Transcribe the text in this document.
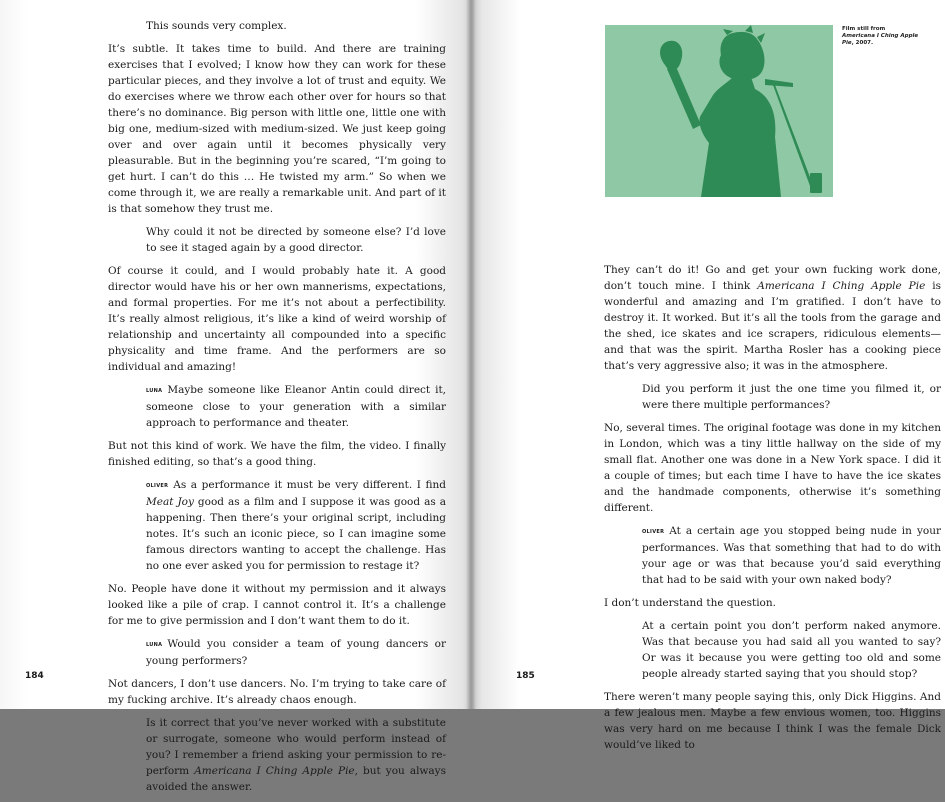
This sounds very complex.

It’s subtle. It takes time to build. And there are training exercises that I evolved; I know how they can work for these particular pieces, and they involve a lot of trust and equity. We do exercises where we throw each other over for hours so that there’s no dominance. Big person with little one, little one with big one, medium-sized with medium-sized. We just keep going over and over again until it becomes physically very pleasurable. But in the beginning you’re scared, “I’m going to get hurt. I can’t do this … He twisted my arm.” So when we come through it, we are really a remarkable unit. And part of it is that somehow they trust me.

Why could it not be directed by someone else? I’d love to see it staged again by a good director.

Of course it could, and I would probably hate it. A good director would have his or her own mannerisms, expectations, and formal properties. For me it’s not about a perfectibility. It’s really almost religious, it’s like a kind of weird worship of relationship and uncertainty all compounded into a specific physicality and time frame. And the performers are so individual and amazing!

LUNA Maybe someone like Eleanor Antin could direct it, someone close to your generation with a similar approach to performance and theater.

But not this kind of work. We have the film, the video. I finally finished editing, so that’s a good thing.

OLIVER As a performance it must be very different. I find Meat Joy good as a film and I suppose it was good as a happening. Then there’s your original script, including notes. It’s such an iconic piece, so I can imagine some famous directors wanting to accept the challenge. Has no one ever asked you for permission to restage it?

No. People have done it without my permission and it always looked like a pile of crap. I cannot control it. It’s a challenge for me to give permission and I don’t want them to do it.

LUNA Would you consider a team of young dancers or young performers?

Not dancers, I don’t use dancers. No. I’m trying to take care of my fucking archive. It’s already chaos enough.

Is it correct that you’ve never worked with a substitute or surrogate, someone who would perform instead of you? I remember a friend asking your permission to re-perform Americana I Ching Apple Pie, but you always avoided the answer.

184

They can’t do it! Go and get your own fucking work done, don’t touch mine. I think Americana I Ching Apple Pie is wonderful and amazing and I’m gratified. I don’t have to destroy it. It worked. But it’s all the tools from the garage and the shed, ice skates and ice scrapers, ridiculous elements—and that was the spirit. Martha Rosler has a cooking piece that’s very aggressive also; it was in the atmosphere.

Did you perform it just the one time you filmed it, or were there multiple performances?

No, several times. The original footage was done in my kitchen in London, which was a tiny little hallway on the side of my small flat. Another one was done in a New York space. I did it a couple of times; but each time I have to have the ice skates and the handmade components, otherwise it’s something different.

OLIVER At a certain age you stopped being nude in your performances. Was that something that had to do with your age or was that because you’d said everything that had to be said with your own naked body?

I don’t understand the question.

At a certain point you don’t perform naked anymore. Was that because you had said all you wanted to say? Or was it because you were getting too old and some people already started saying that you should stop?

There weren’t many people saying this, only Dick Higgins. And a few jealous men. Maybe a few envious women, too. Higgins was very hard on me because I think I was the female Dick would’ve liked to

185
Film still from
Americana I Ching Apple Pie, 2007.
